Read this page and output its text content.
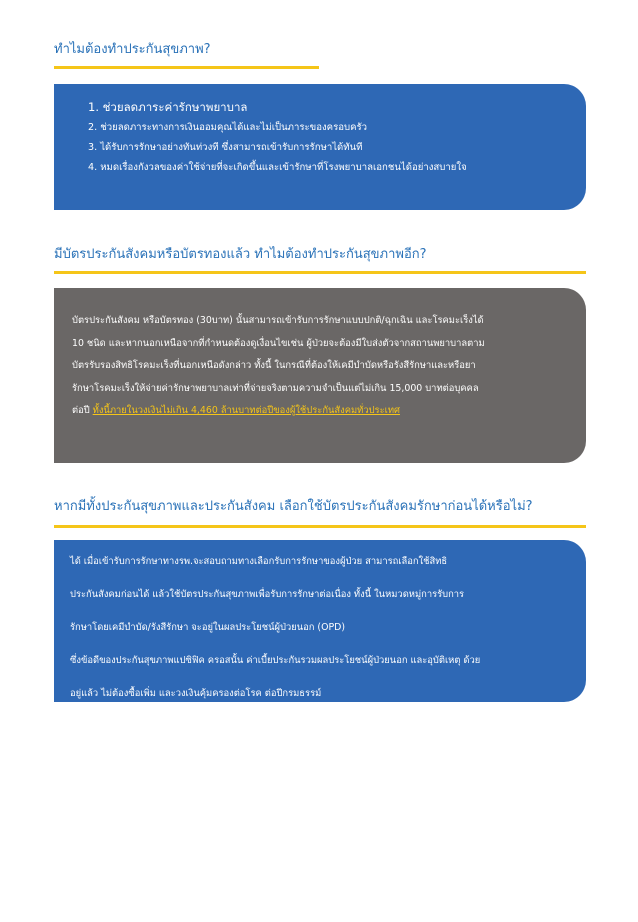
ทำไมต้องทำประกันสุขภาพ?
1. ช่วยลดภาระค่ารักษาพยาบาล
2. ช่วยลดภาระทางการเงินออมคุณได้และไม่เป็นภาระของครอบครัว
3. ได้รับการรักษาอย่างทันท่วงที ซึ่งสามารถเข้ารับการรักษาได้ทันที
4. หมดเรื่องกังวลของค่าใช้จ่ายที่จะเกิดขึ้นและเข้ารักษาที่โรงพยาบาลเอกชนได้อย่างสบายใจ
มีบัตรประกันสังคมหรือบัตรทองแล้ว ทำไมต้องทำประกันสุขภาพอีก?
บัตรประกันสังคม หรือบัตรทอง (30บาท) นั้นสามารถเข้ารับการรักษาแบบปกติ/ฉุกเฉิน และโรคมะเร็งได้
10 ชนิด และหากนอกเหนือจากที่กำหนดต้องดูเงื่อนไขเช่น ผู้ป่วยจะต้องมีใบส่งตัวจากสถานพยาบาลตาม
บัตรรับรองสิทธิโรคมะเร็งที่นอกเหนือดังกล่าว ทั้งนี้ ในกรณีที่ต้องให้เคมีบำบัดหรือรังสีรักษาและหรือยา
รักษาโรคมะเร็งให้จ่ายค่ารักษาพยาบาลเท่าที่จ่ายจริงตามความจำเป็นแต่ไม่เกิน 15,000 บาทต่อบุคคล
ต่อปี ทั้งนี้ภายในวงเงินไม่เกิน 4,460 ล้านบาทต่อปีของผู้ใช้ประกันสังคมทั่วประเทศ
หากมีทั้งประกันสุขภาพและประกันสังคม เลือกใช้บัตรประกันสังคมรักษาก่อนได้หรือไม่?
ได้ เมื่อเข้ารับการรักษาทางรพ.จะสอบถามทางเลือกรับการรักษาของผู้ป่วย สามารถเลือกใช้สิทธิ
ประกันสังคมก่อนได้ แล้วใช้บัตรประกันสุขภาพเพื่อรับการรักษาต่อเนื่อง ทั้งนี้ ในหมวดหมู่การรับการ
รักษาโดยเคมีบำบัด/รังสีรักษา จะอยู่ในผลประโยชน์ผู้ป่วยนอก (OPD)
ซึ่งข้อดีของประกันสุขภาพแปซิฟิค ครอสนั้น ค่าเบี้ยประกันรวมผลประโยชน์ผู้ป่วยนอก และอุบัติเหตุ ด้วย
อยู่แล้ว ไม่ต้องซื้อเพิ่ม และวงเงินคุ้มครองต่อโรค ต่อปีกรมธรรม์
